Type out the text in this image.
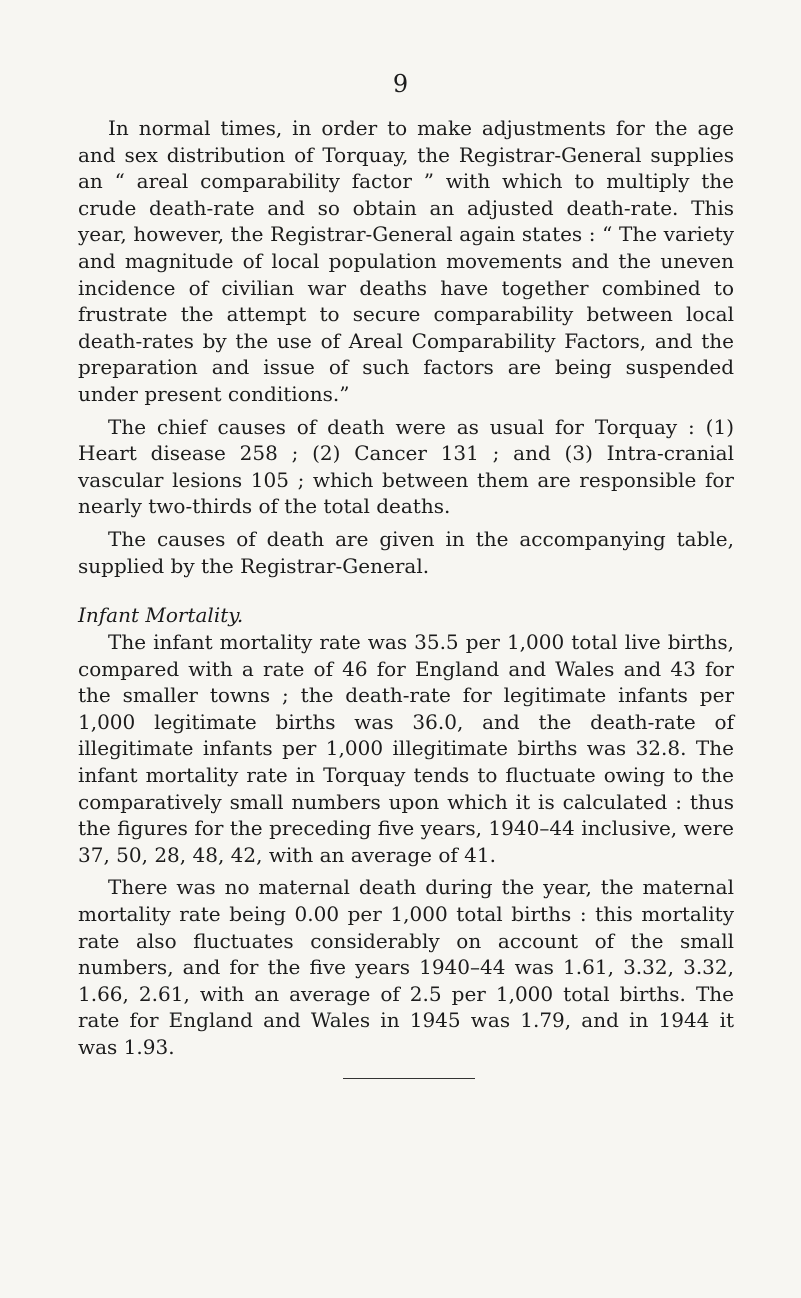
9

In normal times, in order to make adjustments for the age and sex distribution of Torquay, the Registrar-General supplies an “ areal comparability factor ” with which to multiply the crude death-rate and so obtain an adjusted death-rate. This year, however, the Registrar-General again states : “ The variety and magnitude of local population movements and the uneven incidence of civilian war deaths have together combined to frustrate the attempt to secure comparability between local death-rates by the use of Areal Comparability Factors, and the preparation and issue of such factors are being suspended under present conditions.”

The chief causes of death were as usual for Torquay : (1) Heart disease 258 ; (2) Cancer 131 ; and (3) Intra-cranial vascular lesions 105 ; which between them are responsible for nearly two-thirds of the total deaths.

The causes of death are given in the accompanying table, supplied by the Registrar-General.

Infant Mortality.

The infant mortality rate was 35.5 per 1,000 total live births, compared with a rate of 46 for England and Wales and 43 for the smaller towns ; the death-rate for legitimate infants per 1,000 legitimate births was 36.0, and the death-rate of illegitimate infants per 1,000 illegitimate births was 32.8. The infant mortality rate in Torquay tends to fluctuate owing to the comparatively small numbers upon which it is calculated : thus the figures for the preceding five years, 1940–44 inclusive, were 37, 50, 28, 48, 42, with an average of 41.

There was no maternal death during the year, the maternal mortality rate being 0.00 per 1,000 total births : this mortality rate also fluctuates considerably on account of the small numbers, and for the five years 1940–44 was 1.61, 3.32, 3.32, 1.66, 2.61, with an average of 2.5 per 1,000 total births. The rate for England and Wales in 1945 was 1.79, and in 1944 it was 1.93.
